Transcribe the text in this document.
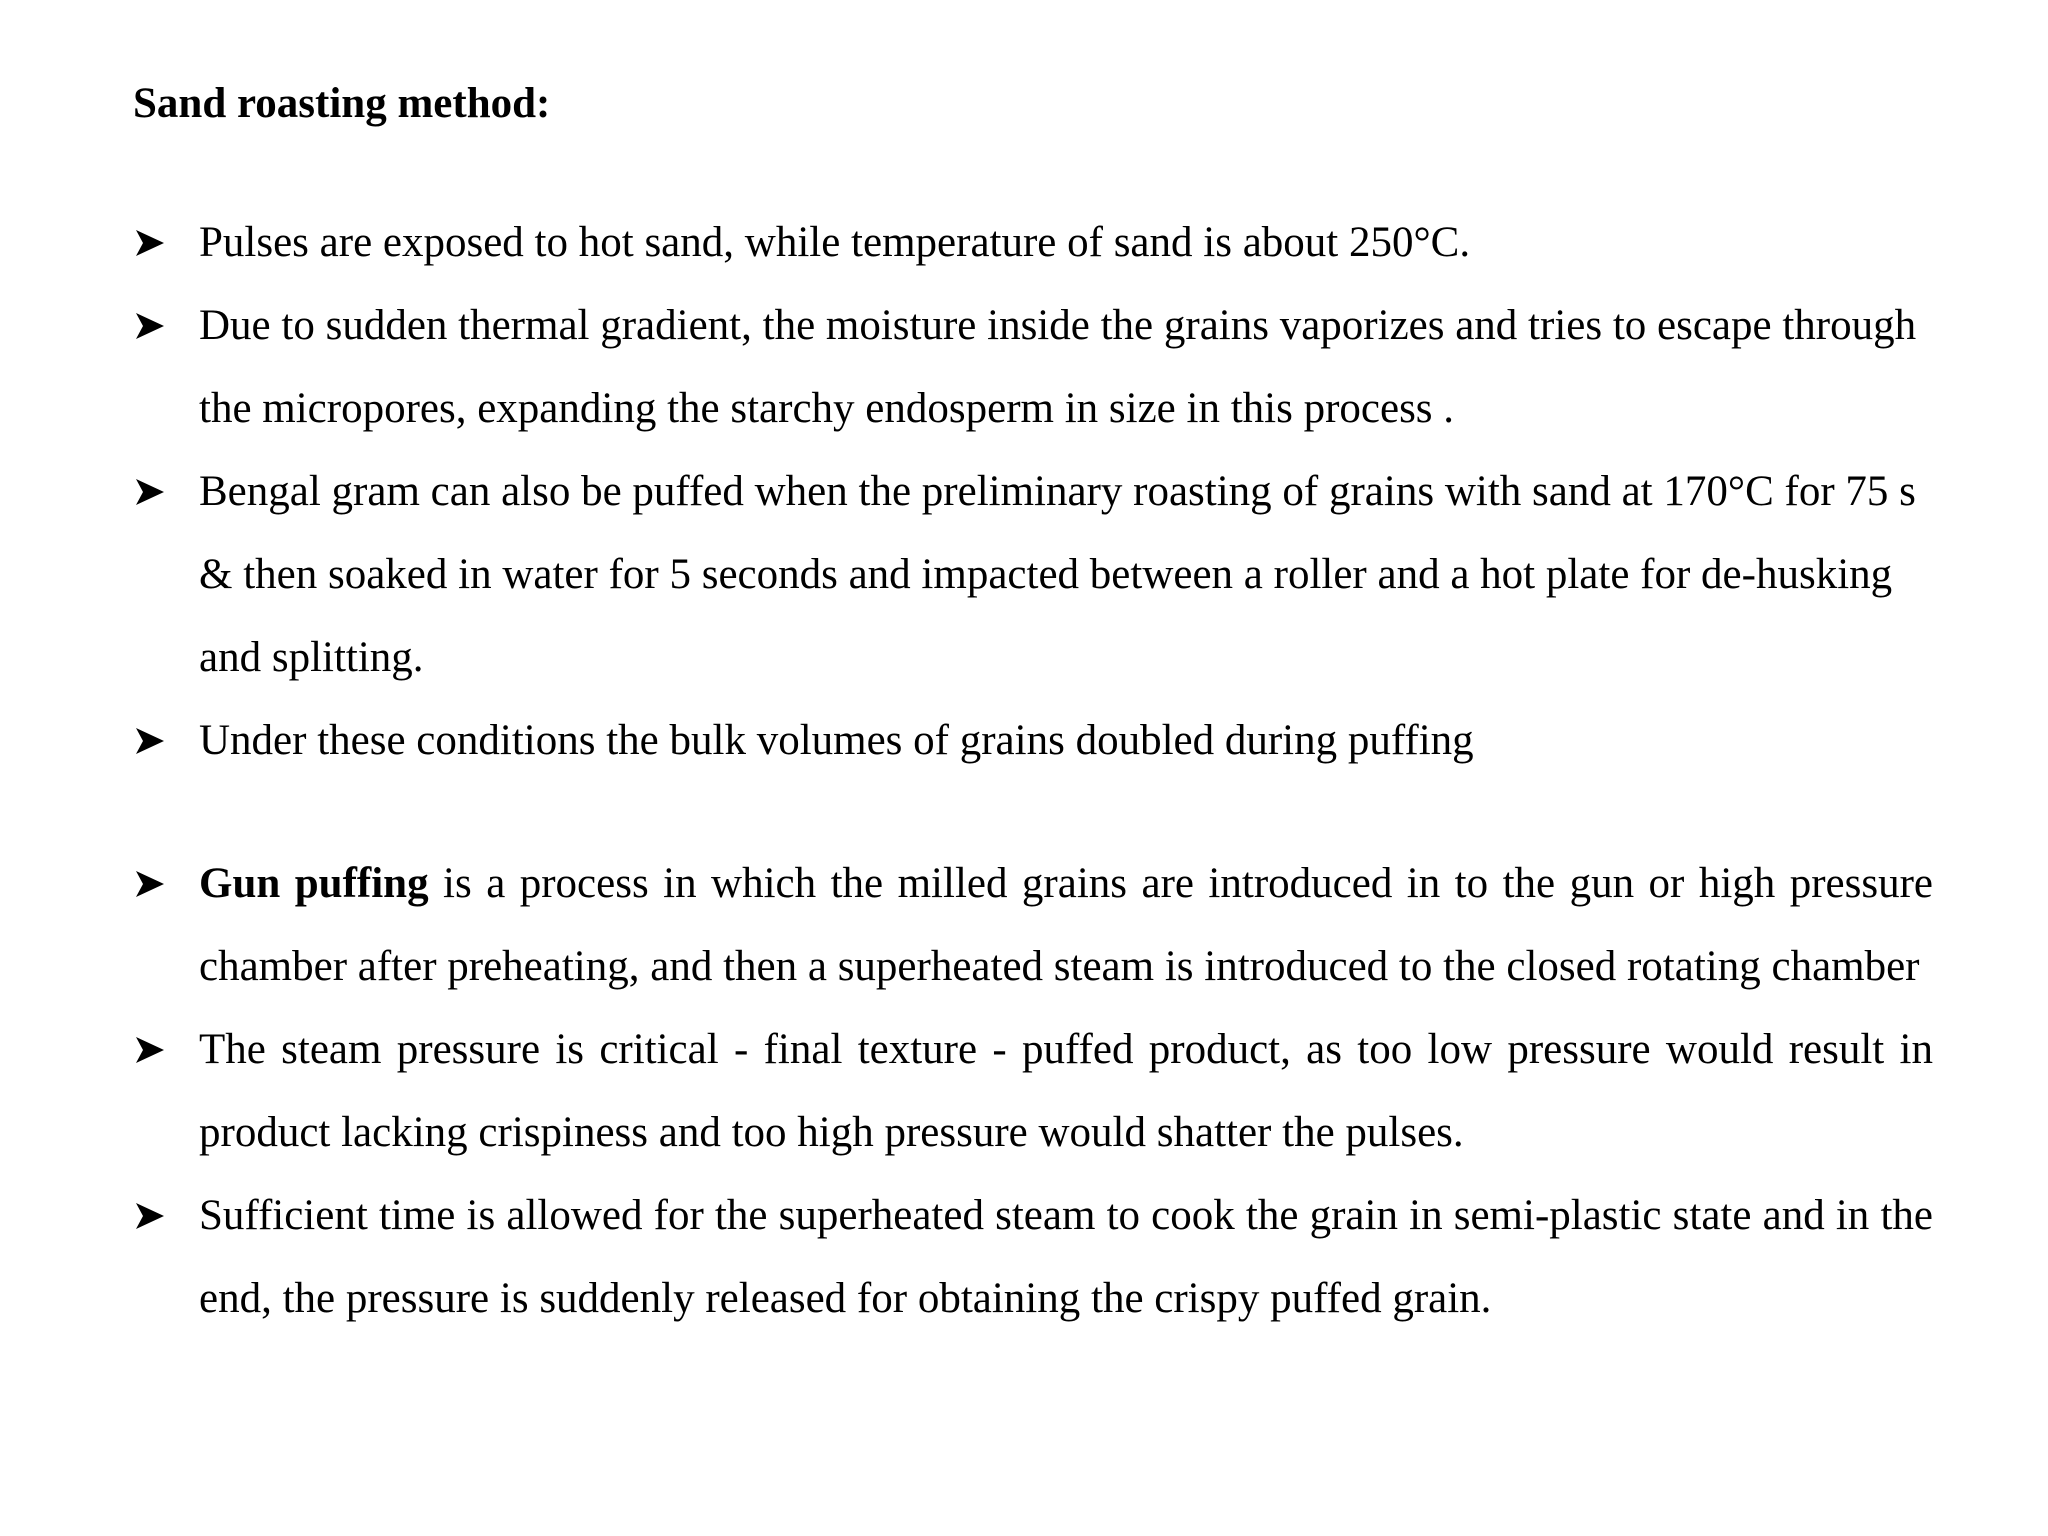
Sand roasting method:
Pulses are exposed to hot sand, while temperature of sand is about 250°C.
Due to sudden thermal gradient, the moisture inside the grains vaporizes and tries to escape through the micropores, expanding the starchy endosperm in size in this process .
Bengal gram can also be puffed when the preliminary roasting of grains with sand at 170°C for 75 s & then soaked in water for 5 seconds and impacted between a roller and a hot plate for de-husking and splitting.
Under these conditions the bulk volumes of grains doubled during puffing
Gun puffing is a process in which the milled grains are introduced in to the gun or high pressure chamber after preheating, and then a superheated steam is introduced to the closed rotating chamber
The steam pressure is critical - final texture - puffed product, as too low pressure would result in product lacking crispiness and too high pressure would shatter the pulses.
Sufficient time is allowed for the superheated steam to cook the grain in semi-plastic state and in the end, the pressure is suddenly released for obtaining the crispy puffed grain.
